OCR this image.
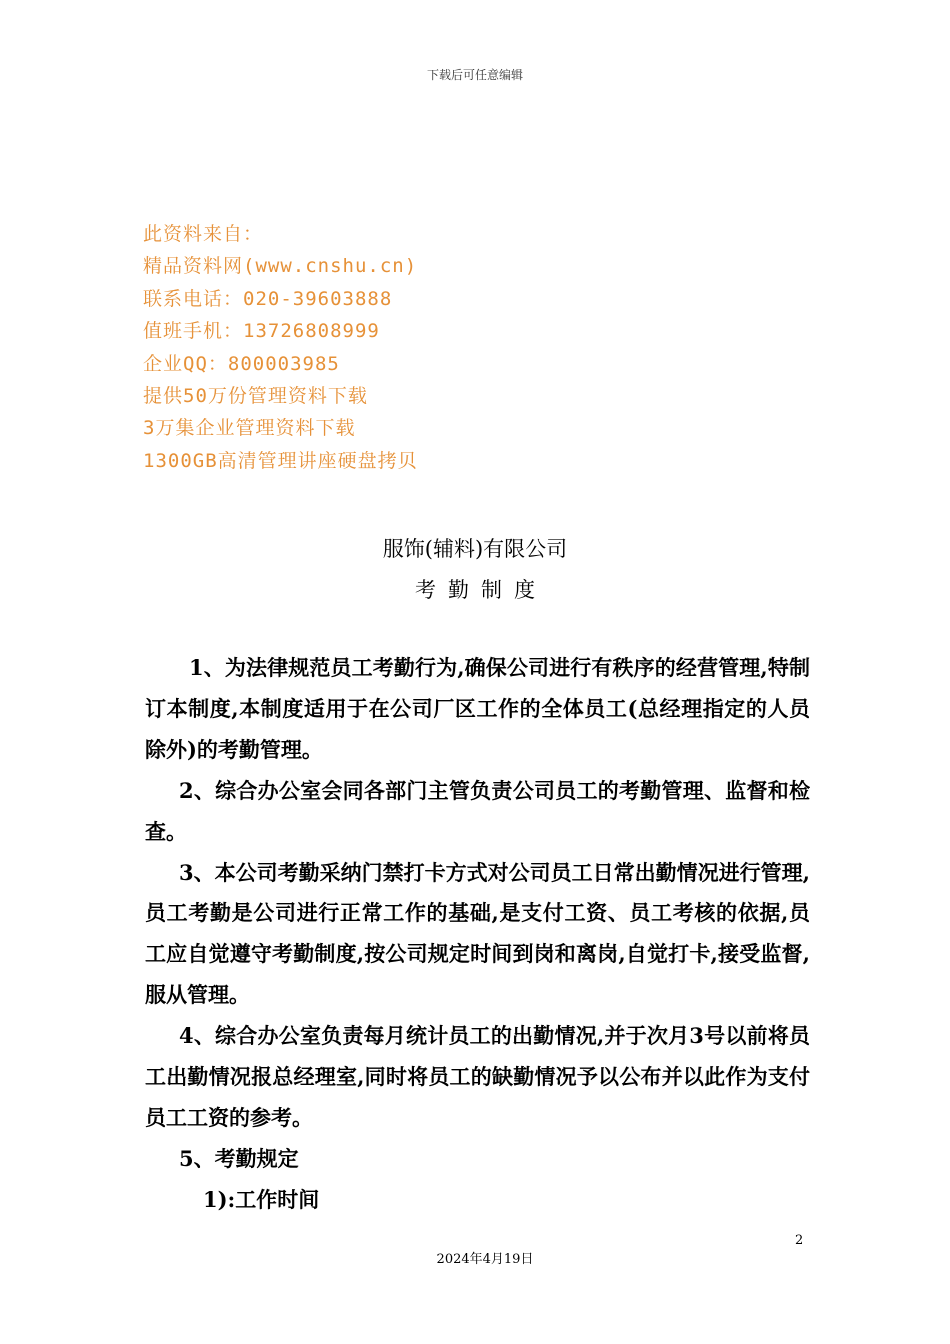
下载后可任意编辑
此资料来自：
精品资料网(www.cnshu.cn)
联系电话：020-39603888
值班手机：13726808999
企业QQ：800003985
提供50万份管理资料下载
3万集企业管理资料下载
1300GB高清管理讲座硬盘拷贝
服饰(辅料)有限公司
考勤制度

1、为法律规范员工考勤行为,确保公司进行有秩序的经营管理,特制订本制度,本制度适用于在公司厂区工作的全体员工(总经理指定的人员除外)的考勤管理。

2、综合办公室会同各部门主管负责公司员工的考勤管理、监督和检查。

3、本公司考勤采纳门禁打卡方式对公司员工日常出勤情况进行管理,员工考勤是公司进行正常工作的基础,是支付工资、员工考核的依据,员工应自觉遵守考勤制度,按公司规定时间到岗和离岗,自觉打卡,接受监督,服从管理。

4、综合办公室负责每月统计员工的出勤情况,并于次月3号以前将员工出勤情况报总经理室,同时将员工的缺勤情况予以公布并以此作为支付员工工资的参考。

5、考勤规定

1):工作时间

2
2024年4月19日
